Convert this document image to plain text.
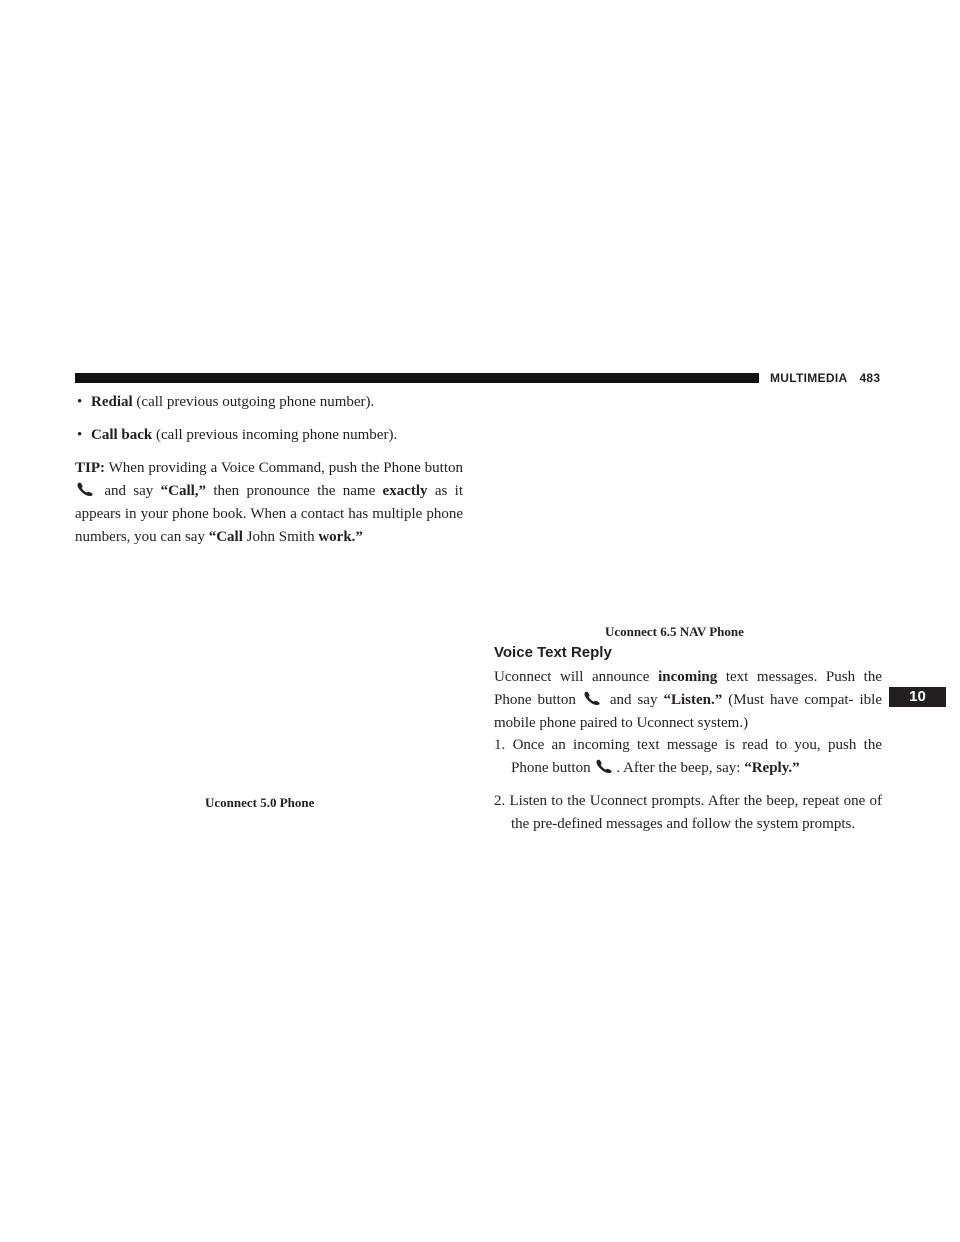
MULTIMEDIA 483
10

• Redial (call previous outgoing phone number).

• Call back (call previous incoming phone number).

TIP: When providing a Voice Command, push the Phone button  and say “Call,” then pronounce the name exactly as it appears in your phone book. When a contact has multiple phone numbers, you can say “Call John Smith work.”

Uconnect 5.0 Phone
Uconnect 6.5 NAV Phone
Voice Text Reply

Uconnect will announce incoming text messages. Push the Phone button  and say “Listen.” (Must have compat- ible mobile phone paired to Uconnect system.)

1. Once an incoming text message is read to you, push the Phone button . After the beep, say: “Reply.”

2. Listen to the Uconnect prompts. After the beep, repeat one of the pre-defined messages and follow the system prompts.
